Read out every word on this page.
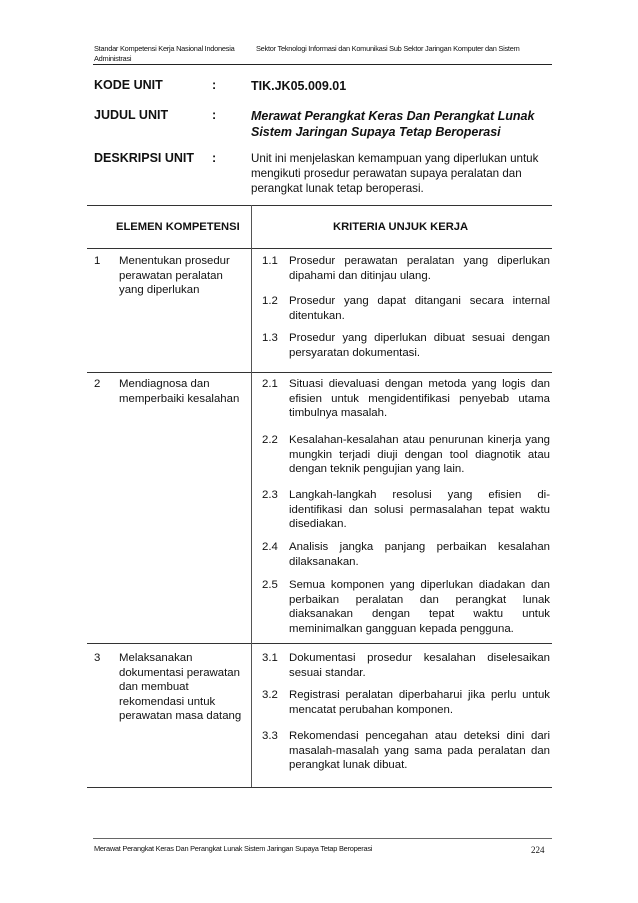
Standar Kompetensi Kerja Nasional Indonesia Administrasi
Sektor Teknologi Informasi dan Komunikasi Sub Sektor Jaringan Komputer dan Sistem
KODE UNIT	:	TIK.JK05.009.01
JUDUL UNIT	:	Merawat Perangkat Keras Dan Perangkat Lunak Sistem Jaringan Supaya Tetap Beroperasi
DESKRIPSI UNIT :	Unit ini menjelaskan kemampuan yang diperlukan untuk mengikuti prosedur perawatan supaya peralatan dan perangkat lunak tetap beroperasi.
ELEMEN KOMPETENSI	KRITERIA UNJUK KERJA
1 Menentukan prosedur perawatan peralatan yang diperlukan
1.1 Prosedur perawatan peralatan yang diperlukan dipahami dan ditinjau ulang.
1.2 Prosedur yang dapat ditangani secara internal ditentukan.
1.3 Prosedur yang diperlukan dibuat sesuai dengan persyaratan dokumentasi.
2 Mendiagnosa dan memperbaiki kesalahan
2.1 Situasi dievaluasi dengan metoda yang logis dan efisien untuk mengidentifikasi penyebab utama timbulnya masalah.
2.2 Kesalahan-kesalahan atau penurunan kinerja yang mungkin terjadi diuji dengan tool diagnotik atau dengan teknik pengujian yang lain.
2.3 Langkah-langkah resolusi yang efisien di-identifikasi dan solusi permasalahan tepat waktu disediakan.
2.4 Analisis jangka panjang perbaikan kesalahan dilaksanakan.
2.5 Semua komponen yang diperlukan diadakan dan perbaikan peralatan dan perangkat lunak diaksanakan dengan tepat waktu untuk meminimalkan gangguan kepada pengguna.
3 Melaksanakan dokumentasi perawatan dan membuat rekomendasi untuk perawatan masa datang
3.1 Dokumentasi prosedur kesalahan diselesaikan sesuai standar.
3.2 Registrasi peralatan diperbaharui jika perlu untuk mencatat perubahan komponen.
3.3 Rekomendasi pencegahan atau deteksi dini dari masalah-masalah yang sama pada peralatan dan perangkat lunak dibuat.
Merawat Perangkat Keras Dan Perangkat Lunak Sistem Jaringan Supaya Tetap Beroperasi	224
